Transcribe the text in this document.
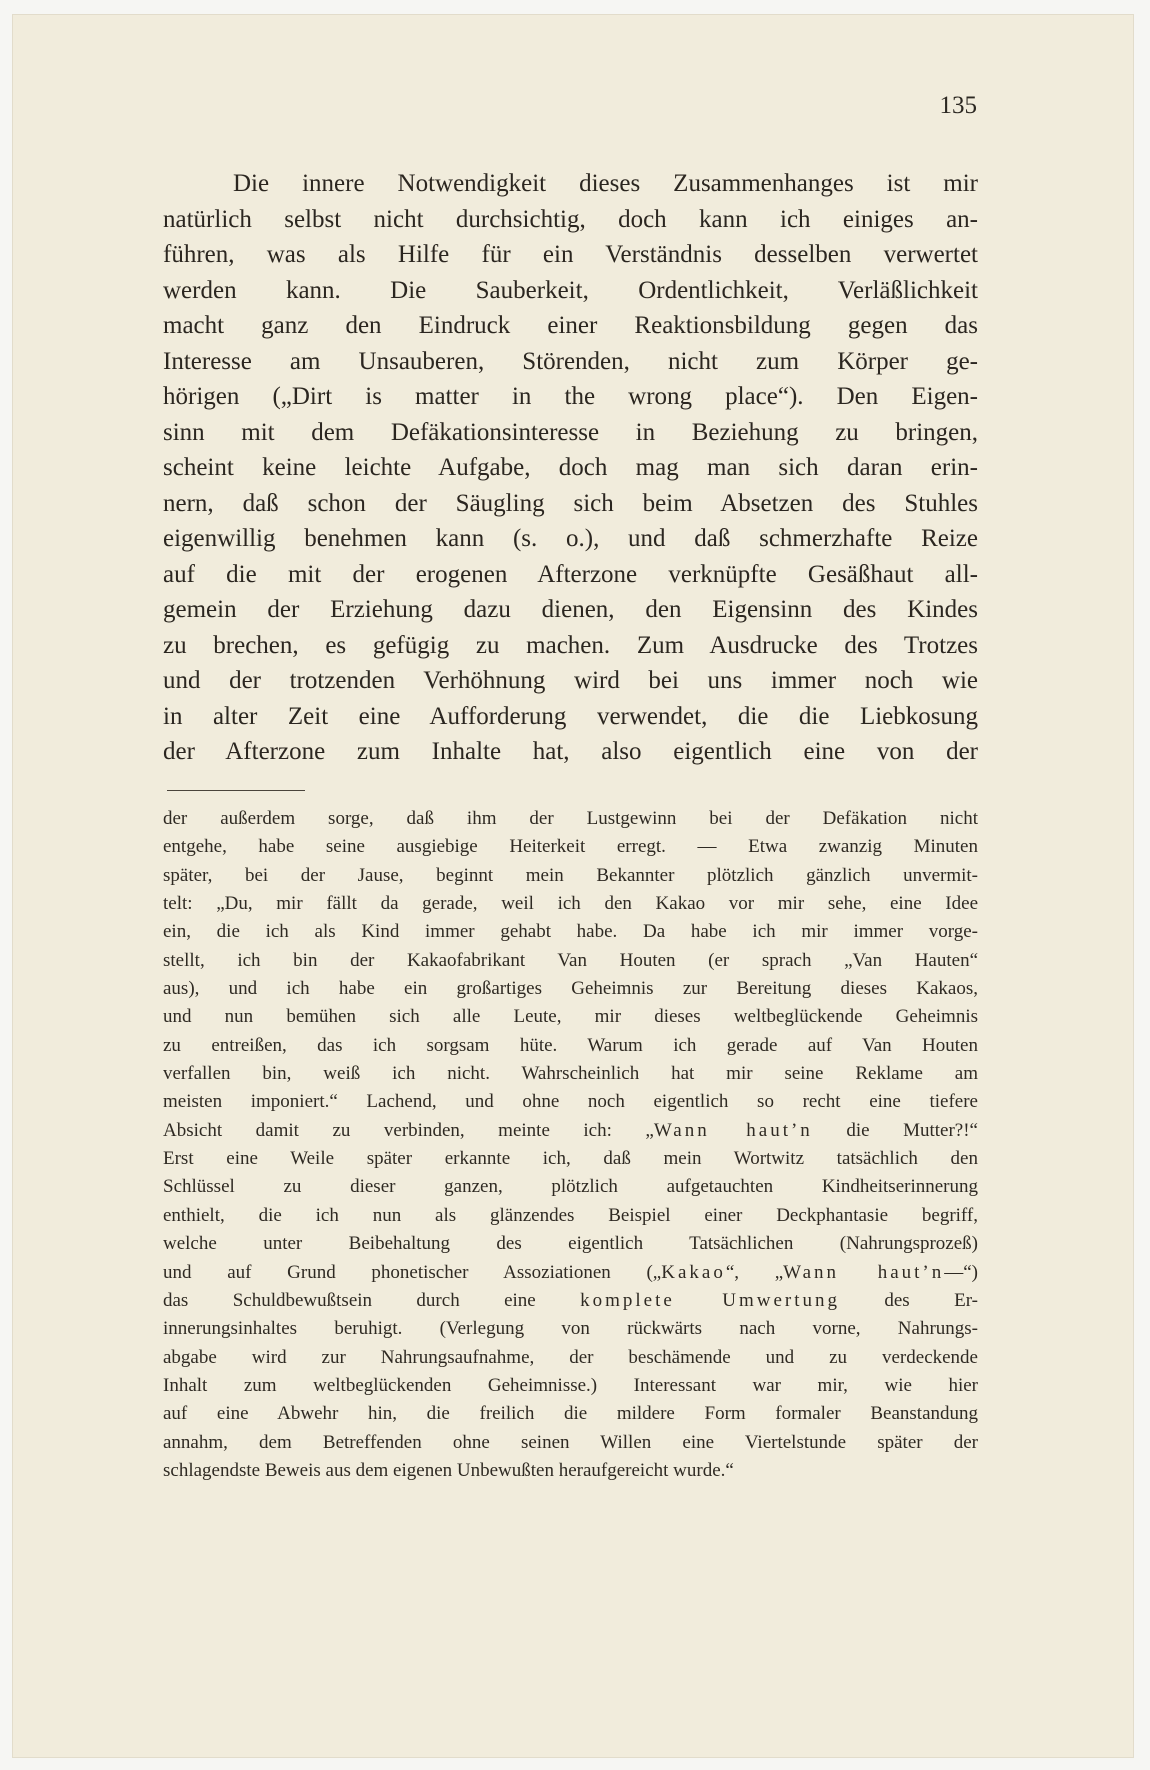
135
Die innere Notwendigkeit dieses Zusammenhanges ist mir
natürlich selbst nicht durchsichtig, doch kann ich einiges an-
führen, was als Hilfe für ein Verständnis desselben verwertet
werden kann. Die Sauberkeit, Ordentlichkeit, Verläßlichkeit
macht ganz den Eindruck einer Reaktionsbildung gegen das
Interesse am Unsauberen, Störenden, nicht zum Körper ge-
hörigen („Dirt is matter in the wrong place“). Den Eigen-
sinn mit dem Defäkationsinteresse in Beziehung zu bringen,
scheint keine leichte Aufgabe, doch mag man sich daran erin-
nern, daß schon der Säugling sich beim Absetzen des Stuhles
eigenwillig benehmen kann (s. o.), und daß schmerzhafte Reize
auf die mit der erogenen Afterzone verknüpfte Gesäßhaut all-
gemein der Erziehung dazu dienen, den Eigensinn des Kindes
zu brechen, es gefügig zu machen. Zum Ausdrucke des Trotzes
und der trotzenden Verhöhnung wird bei uns immer noch wie
in alter Zeit eine Aufforderung verwendet, die die Liebkosung
der Afterzone zum Inhalte hat, also eigentlich eine von der
der außerdem sorge, daß ihm der Lustgewinn bei der Defäkation nicht
entgehe, habe seine ausgiebige Heiterkeit erregt. — Etwa zwanzig Minuten
später, bei der Jause, beginnt mein Bekannter plötzlich gänzlich unvermit-
telt: „Du, mir fällt da gerade, weil ich den Kakao vor mir sehe, eine Idee
ein, die ich als Kind immer gehabt habe. Da habe ich mir immer vorge-
stellt, ich bin der Kakaofabrikant Van Houten (er sprach „Van Hauten“
aus), und ich habe ein großartiges Geheimnis zur Bereitung dieses Kakaos,
und nun bemühen sich alle Leute, mir dieses weltbeglückende Geheimnis
zu entreißen, das ich sorgsam hüte. Warum ich gerade auf Van Houten
verfallen bin, weiß ich nicht. Wahrscheinlich hat mir seine Reklame am
meisten imponiert.“ Lachend, und ohne noch eigentlich so recht eine tiefere
Absicht damit zu verbinden, meinte ich: „Wann haut’n die Mutter?!“
Erst eine Weile später erkannte ich, daß mein Wortwitz tatsächlich den
Schlüssel zu dieser ganzen, plötzlich aufgetauchten Kindheitserinnerung
enthielt, die ich nun als glänzendes Beispiel einer Deckphantasie begriff,
welche unter Beibehaltung des eigentlich Tatsächlichen (Nahrungsprozeß)
und auf Grund phonetischer Assoziationen („Kakao“, „Wann haut’n—“)
das Schuldbewußtsein durch eine komplete Umwertung des Er-
innerungsinhaltes beruhigt. (Verlegung von rückwärts nach vorne, Nahrungs-
abgabe wird zur Nahrungsaufnahme, der beschämende und zu verdeckende
Inhalt zum weltbeglückenden Geheimnisse.) Interessant war mir, wie hier
auf eine Abwehr hin, die freilich die mildere Form formaler Beanstandung
annahm, dem Betreffenden ohne seinen Willen eine Viertelstunde später der
schlagendste Beweis aus dem eigenen Unbewußten heraufgereicht wurde.“
